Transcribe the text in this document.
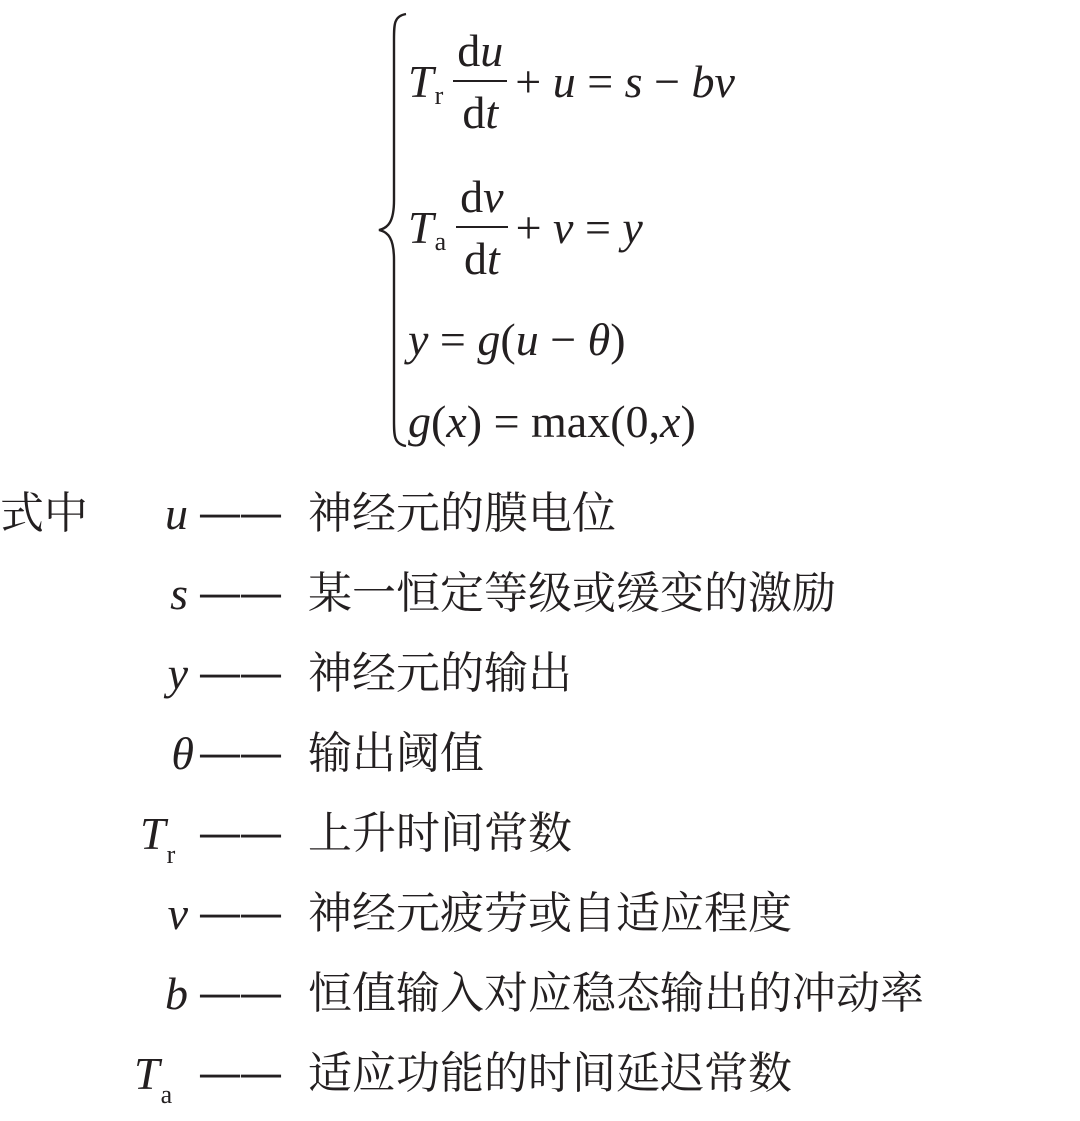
T r $\frac{du}{dt}$ +
u
=
s
−
bv
T a $\frac{dv}{dt}$ +
v
=
y
y = g ( u − θ )
g ( x ) = max(0, x )
式中	u —— 神经元的膜电位
s —— 某一恒定等级或缓变的激励
y —— 神经元的输出
θ —— 输出阈值
$T_r$ —— 上升时间常数
v —— 神经元疲劳或自适应程度
b —— 恒值输入对应稳态输出的冲动率
$T_a$ —— 适应功能的时间延迟常数
